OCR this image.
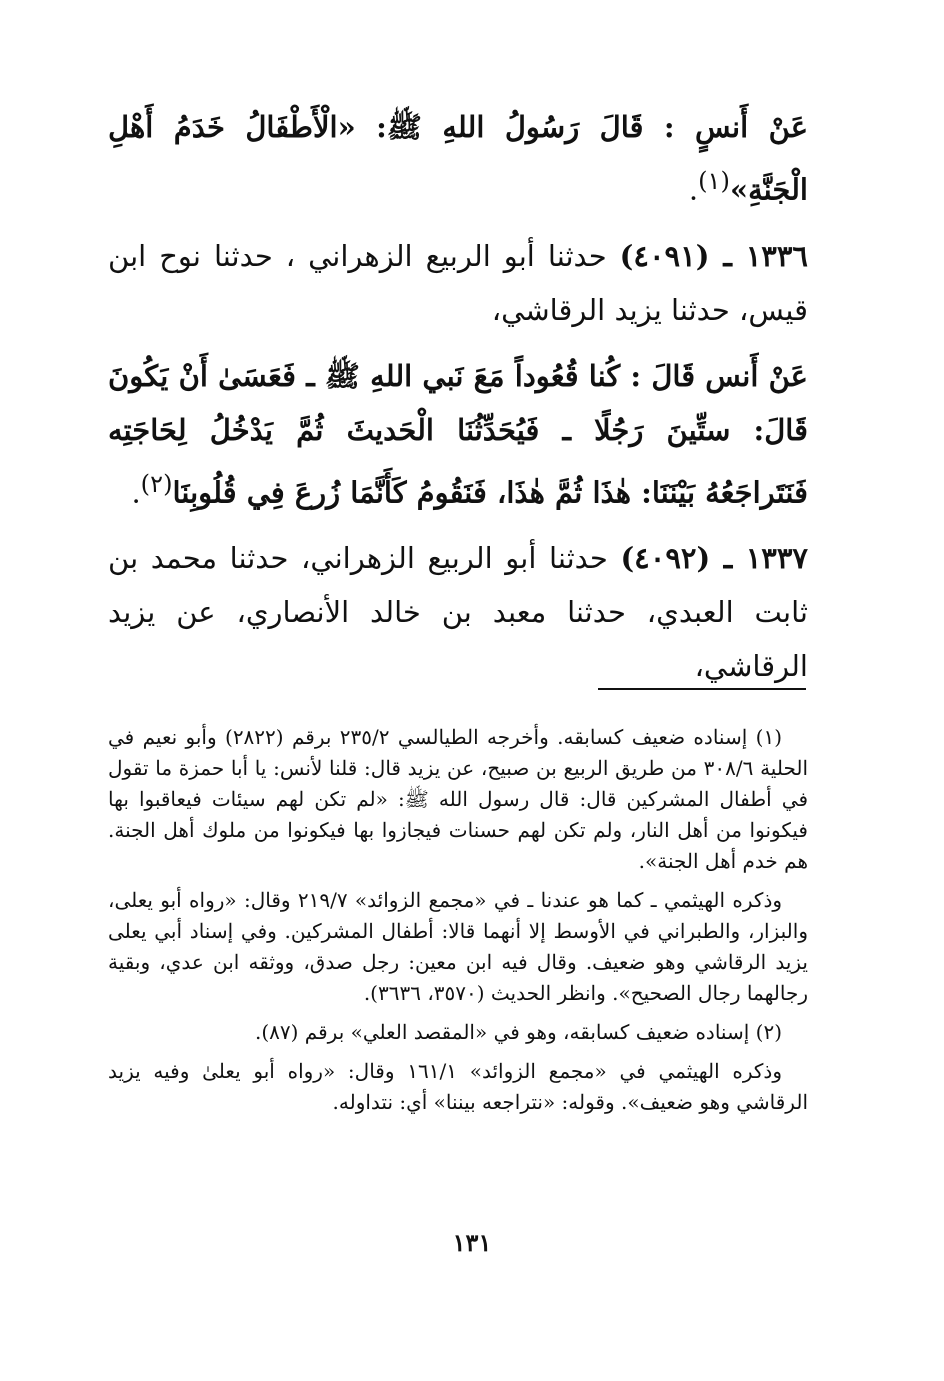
عَنْ أَنسٍ : قَالَ رَسُولُ اللهِ ﷺ: «الْأَطْفَالُ خَدَمُ أَهْلِ الْجَنَّةِ»$^{(١)}$.

١٣٣٦ ـ (٤٠٩١) حدثنا أبو الربيع الزهراني ، حدثنا نوح ابن قيس، حدثنا يزيد الرقاشي،

عَنْ أَنس قَالَ : كُنا قُعُوداً مَعَ نَبي اللهِ ﷺ ـ فَعَسَىٰ أَنْ يَكُونَ قَالَ: ستِّينَ رَجُلًا ـ فَيُحَدِّثُنَا الْحَديثَ ثُمَّ يَدْخُلُ لِحَاجَتِه فَنَتَراجَعُهُ بَيْنَنَا: هٰذَا ثُمَّ هٰذَا، فَنَقُومُ كَأَنَّمَا زُرعَ فِي قُلُوبِنَا$^{(٢)}$.

١٣٣٧ ـ (٤٠٩٢) حدثنا أبو الربيع الزهراني، حدثنا محمد بن ثابت العبدي، حدثنا معبد بن خالد الأنصاري، عن يزيد الرقاشي،

(١) إسناده ضعيف كسابقه. وأخرجه الطيالسي ٢٣٥/٢ برقم (٢٨٢٢) وأبو نعيم في الحلية ٣٠٨/٦ من طريق الربيع بن صبيح، عن يزيد قال: قلنا لأنس: يا أبا حمزة ما تقول في أطفال المشركين قال: قال رسول الله ﷺ: «لم تكن لهم سيئات فيعاقبوا بها فيكونوا من أهل النار، ولم تكن لهم حسنات فيجازوا بها فيكونوا من ملوك أهل الجنة. هم خدم أهل الجنة».

وذكره الهيثمي ـ كما هو عندنا ـ في «مجمع الزوائد» ٢١٩/٧ وقال: «رواه أبو يعلى، والبزار، والطبراني في الأوسط إلا أنهما قالا: أطفال المشركين. وفي إسناد أبي يعلى يزيد الرقاشي وهو ضعيف. وقال فيه ابن معين: رجل صدق، ووثقه ابن عدي، وبقية رجالهما رجال الصحيح». وانظر الحديث (٣٥٧٠، ٣٦٣٦).

(٢) إسناده ضعيف كسابقه، وهو في «المقصد العلي» برقم (٨٧).

وذكره الهيثمي في «مجمع الزوائد» ١٦١/١ وقال: «رواه أبو يعلىٰ وفيه يزيد الرقاشي وهو ضعيف». وقوله: «نتراجعه بيننا» أي: نتداوله.

١٣١
